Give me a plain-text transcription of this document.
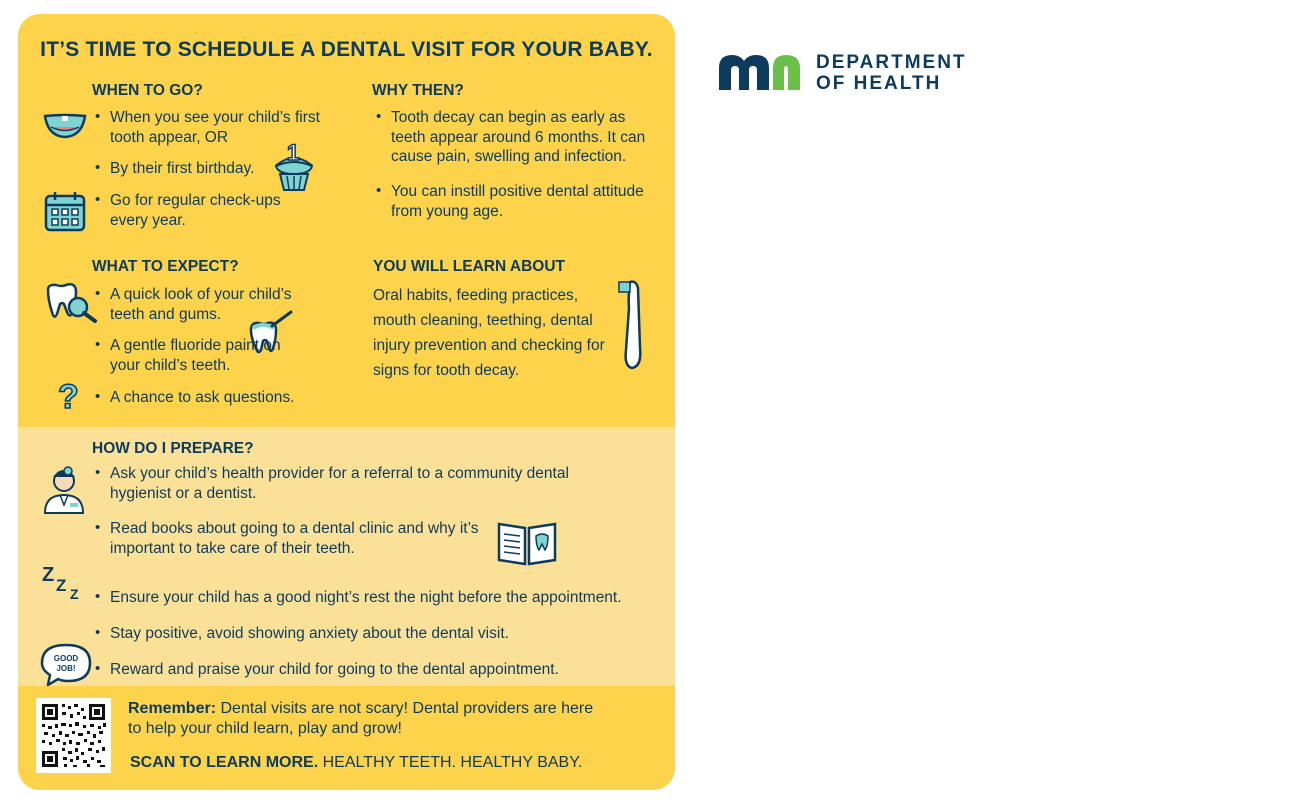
IT’S TIME TO SCHEDULE A DENTAL VISIT FOR YOUR BABY.
WHEN TO GO?
• When you see your child’s first tooth appear, OR
• By their first birthday.
1
• Go for regular check-ups every year.
WHY THEN?
• Tooth decay can begin as early as teeth appear around 6 months. It can cause pain, swelling and infection.
• You can instill positive dental attitude from young age.
WHAT TO EXPECT?
• A quick look of your child’s teeth and gums.
• A gentle fluoride paint on your child’s teeth.
? • A chance to ask questions.
YOU WILL LEARN ABOUT
Oral habits, feeding practices, mouth cleaning, teething, dental injury prevention and checking for signs for tooth decay.
HOW DO I PREPARE?
• Ask your child’s health provider for a referral to a community dental hygienist or a dentist.
• Read books about going to a dental clinic and why it’s important to take care of their teeth.
Z Z Z • Ensure your child has a good night’s rest the night before the appointment.
• Stay positive, avoid showing anxiety about the dental visit.
GOOD
JOB! • Reward and praise your child for going to the dental appointment.
Remember: Dental visits are not scary! Dental providers are here to help your child learn, play and grow!
SCAN TO LEARN MORE. HEALTHY TEETH. HEALTHY BABY.
DEPARTMENT
OF HEALTH
